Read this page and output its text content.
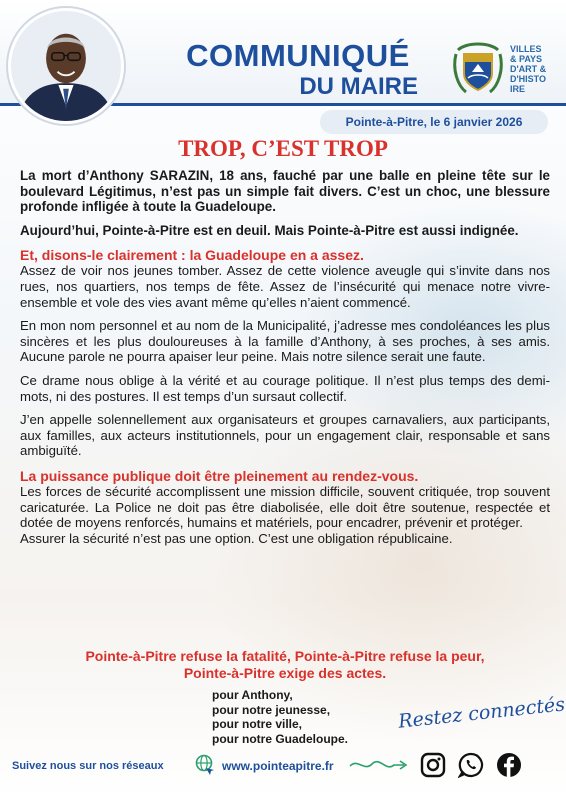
COMMUNIQUÉ
DU MAIRE
VILLES
& PAYS
D'ART &
D'HISTO
IRE
Pointe-à-Pitre, le 6 janvier 2026
TROP, C’EST TROP

La mort d’Anthony SARAZIN, 18 ans, fauché par une balle en pleine tête sur le boulevard Légitimus, n’est pas un simple fait divers. C’est un choc, une blessure profonde infligée à toute la Guadeloupe.

Aujourd’hui, Pointe-à-Pitre est en deuil. Mais Pointe-à-Pitre est aussi indignée.

Et, disons-le clairement : la Guadeloupe en a assez.

Assez de voir nos jeunes tomber. Assez de cette violence aveugle qui s’invite dans nos rues, nos quartiers, nos temps de fête. Assez de l’insécurité qui menace notre vivre-ensemble et vole des vies avant même qu’elles n’aient commencé.

En mon nom personnel et au nom de la Municipalité, j’adresse mes condoléances les plus sincères et les plus douloureuses à la famille d’Anthony, à ses proches, à ses amis. Aucune parole ne pourra apaiser leur peine. Mais notre silence serait une faute.

Ce drame nous oblige à la vérité et au courage politique. Il n’est plus temps des demi-mots, ni des postures. Il est temps d’un sursaut collectif.

J’en appelle solennellement aux organisateurs et groupes carnavaliers, aux participants, aux familles, aux acteurs institutionnels, pour un engagement clair, responsable et sans ambiguïté.

La puissance publique doit être pleinement au rendez-vous.

Les forces de sécurité accomplissent une mission difficile, souvent critiquée, trop souvent caricaturée. La Police ne doit pas être diabolisée, elle doit être soutenue, respectée et dotée de moyens renforcés, humains et matériels, pour encadrer, prévenir et protéger.

Assurer la sécurité n’est pas une option. C’est une obligation républicaine.

Pointe-à-Pitre refuse la fatalité, Pointe-à-Pitre refuse la peur,
Pointe-à-Pitre exige des actes.
pour Anthony,
pour notre jeunesse,
pour notre ville,
pour notre Guadeloupe.
Restez connectés
Suivez nous sur nos réseaux	www.pointeapitre.fr
